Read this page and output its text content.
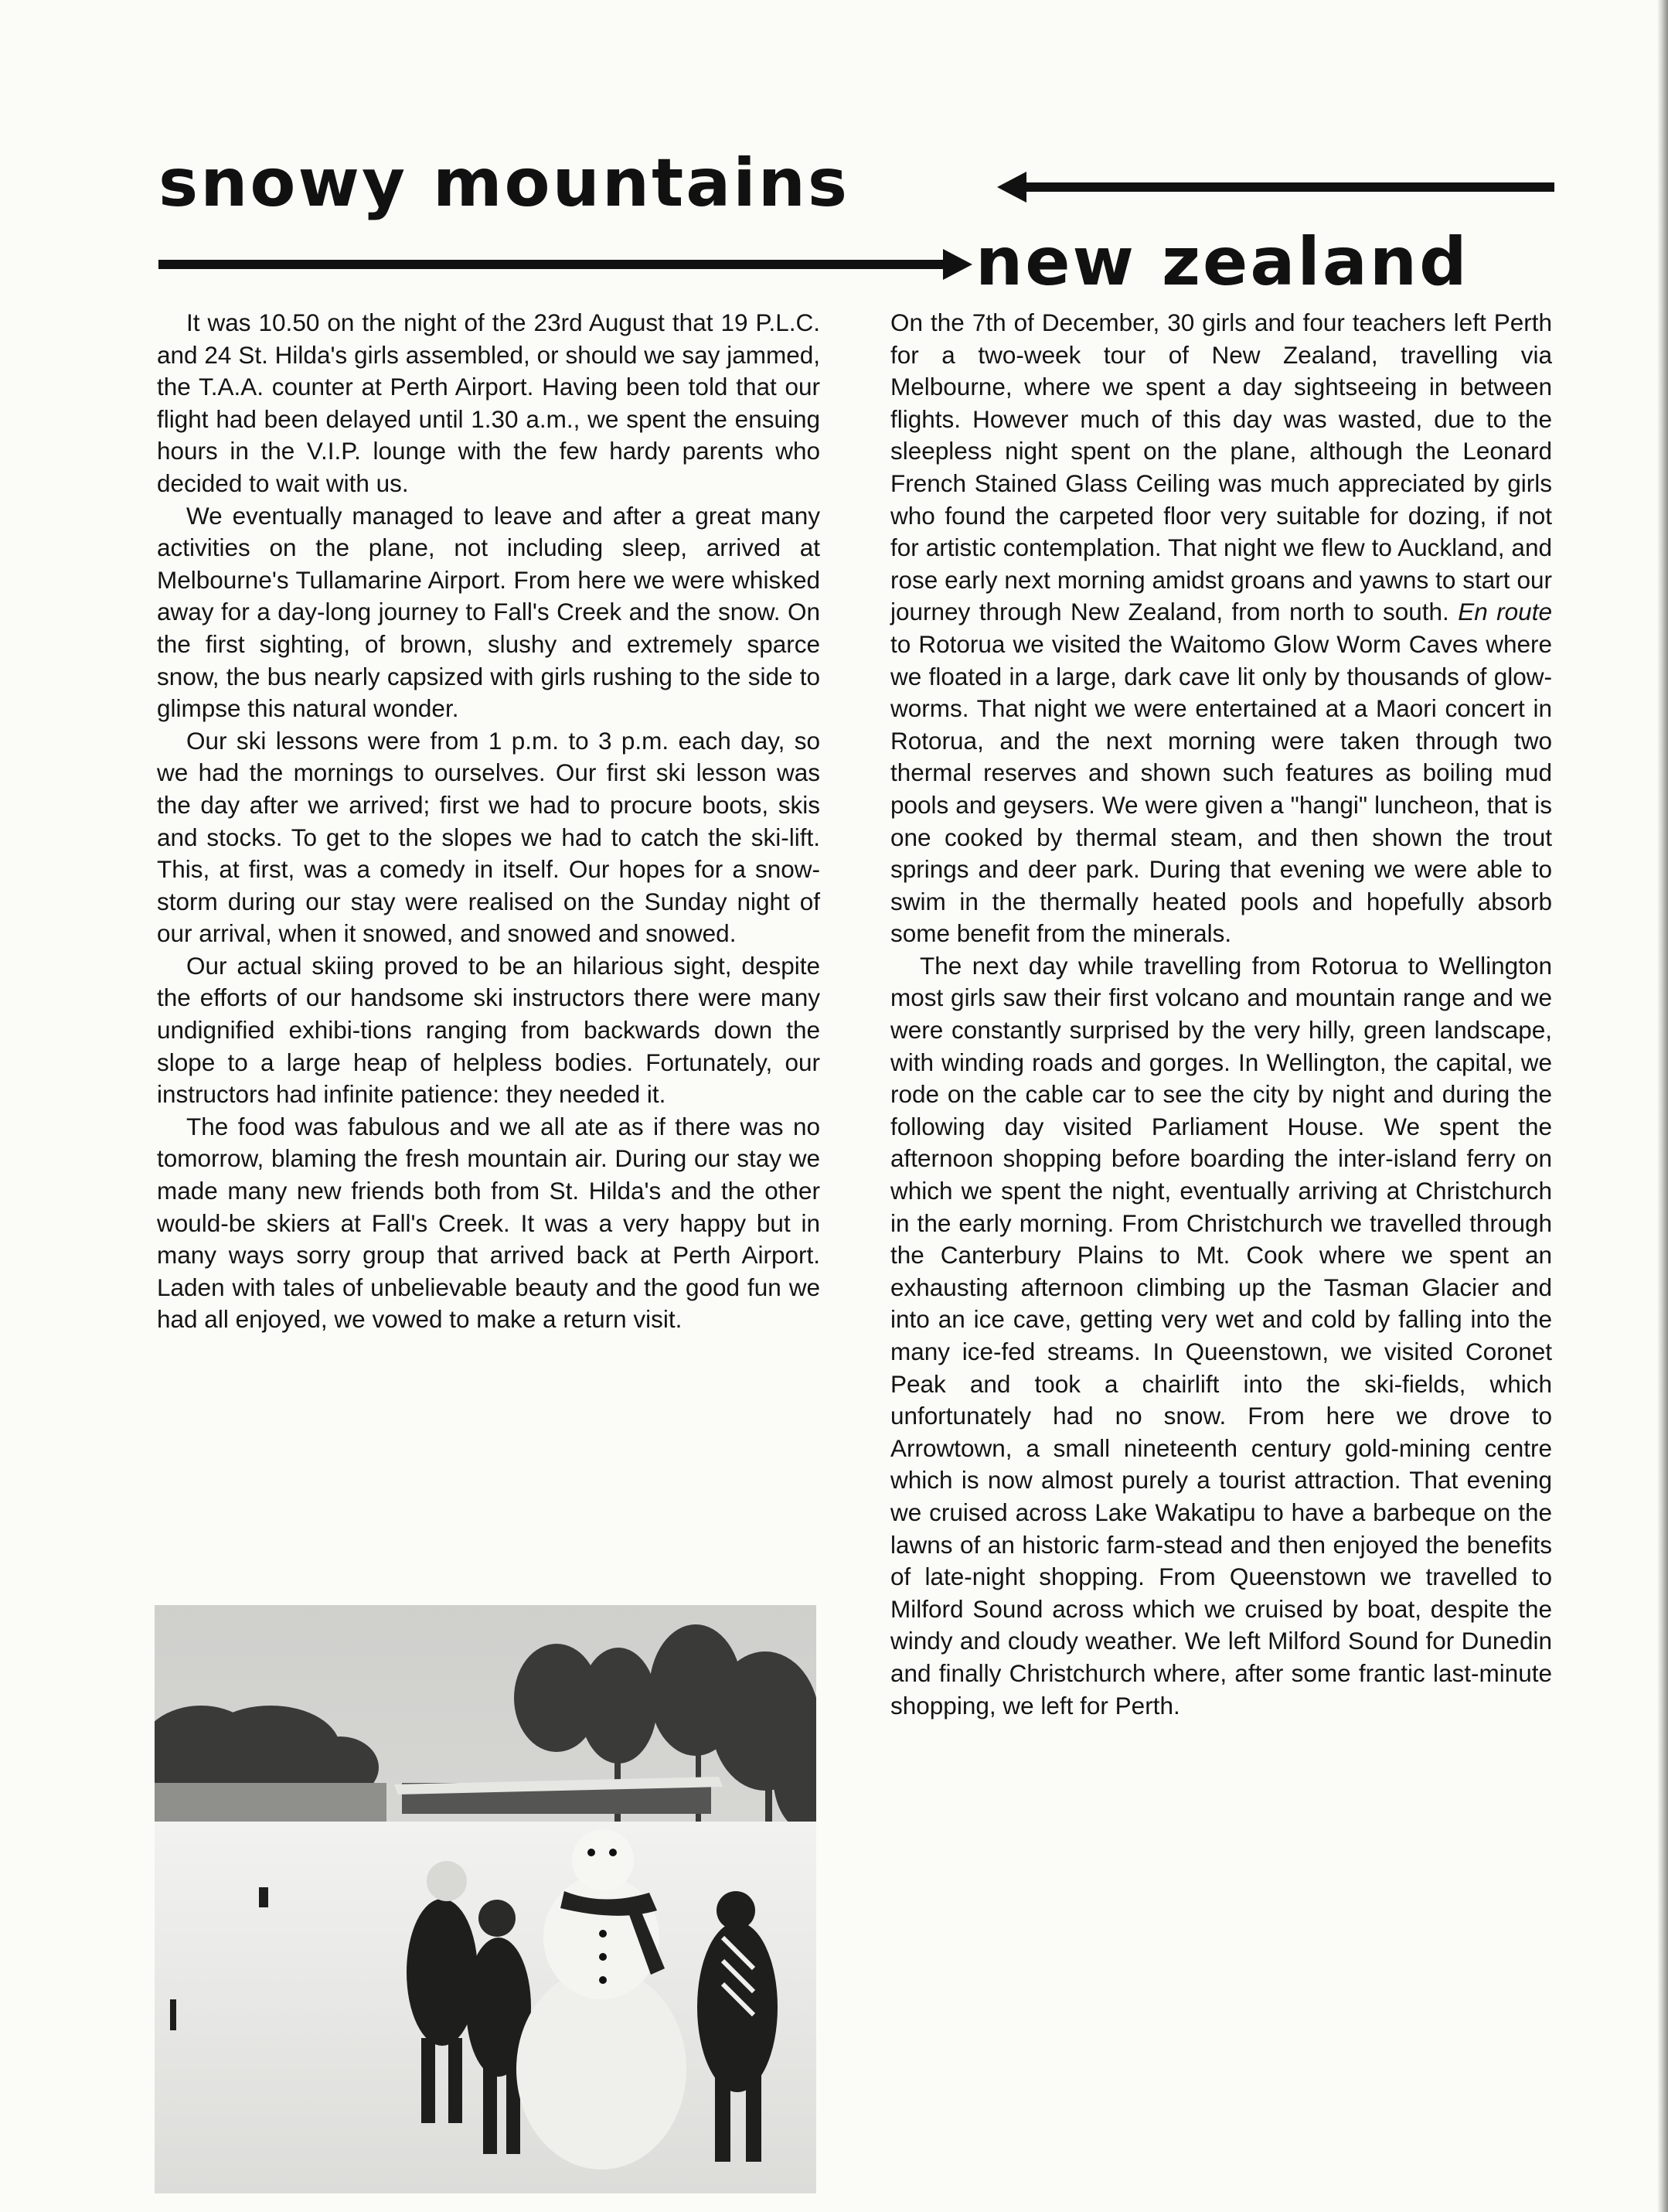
snowy mountains
new zealand

It was 10.50 on the night of the 23rd August that 19 P.L.C. and 24 St. Hilda's girls assembled, or should we say jammed, the T.A.A. counter at Perth Airport. Having been told that our flight had been delayed until 1.30 a.m., we spent the ensuing hours in the V.I.P. lounge with the few hardy parents who decided to wait with us.

We eventually managed to leave and after a great many activities on the plane, not including sleep, arrived at Melbourne's Tullamarine Airport. From here we were whisked away for a day-long journey to Fall's Creek and the snow. On the first sighting, of brown, slushy and extremely sparce snow, the bus nearly capsized with girls rushing to the side to glimpse this natural wonder.

Our ski lessons were from 1 p.m. to 3 p.m. each day, so we had the mornings to ourselves. Our first ski lesson was the day after we arrived; first we had to procure boots, skis and stocks. To get to the slopes we had to catch the ski-lift. This, at first, was a comedy in itself. Our hopes for a snow-storm during our stay were realised on the Sunday night of our arrival, when it snowed, and snowed and snowed.

Our actual skiing proved to be an hilarious sight, despite the efforts of our handsome ski instructors there were many undignified exhibi-tions ranging from backwards down the slope to a large heap of helpless bodies. Fortunately, our instructors had infinite patience: they needed it.

The food was fabulous and we all ate as if there was no tomorrow, blaming the fresh mountain air. During our stay we made many new friends both from St. Hilda's and the other would-be skiers at Fall's Creek. It was a very happy but in many ways sorry group that arrived back at Perth Airport. Laden with tales of unbelievable beauty and the good fun we had all enjoyed, we vowed to make a return visit.

On the 7th of December, 30 girls and four teachers left Perth for a two-week tour of New Zealand, travelling via Melbourne, where we spent a day sightseeing in between flights. However much of this day was wasted, due to the sleepless night spent on the plane, although the Leonard French Stained Glass Ceiling was much appreciated by girls who found the carpeted floor very suitable for dozing, if not for artistic contemplation. That night we flew to Auckland, and rose early next morning amidst groans and yawns to start our journey through New Zealand, from north to south. En route to Rotorua we visited the Waitomo Glow Worm Caves where we floated in a large, dark cave lit only by thousands of glow-worms. That night we were entertained at a Maori concert in Rotorua, and the next morning were taken through two thermal reserves and shown such features as boiling mud pools and geysers. We were given a "hangi" luncheon, that is one cooked by thermal steam, and then shown the trout springs and deer park. During that evening we were able to swim in the thermally heated pools and hopefully absorb some benefit from the minerals.

The next day while travelling from Rotorua to Wellington most girls saw their first volcano and mountain range and we were constantly surprised by the very hilly, green landscape, with winding roads and gorges. In Wellington, the capital, we rode on the cable car to see the city by night and during the following day visited Parliament House. We spent the afternoon shopping before boarding the inter-island ferry on which we spent the night, eventually arriving at Christchurch in the early morning. From Christchurch we travelled through the Canterbury Plains to Mt. Cook where we spent an exhausting afternoon climbing up the Tasman Glacier and into an ice cave, getting very wet and cold by falling into the many ice-fed streams. In Queenstown, we visited Coronet Peak and took a chairlift into the ski-fields, which unfortunately had no snow. From here we drove to Arrowtown, a small nineteenth century gold-mining centre which is now almost purely a tourist attraction. That evening we cruised across Lake Wakatipu to have a barbeque on the lawns of an historic farm-stead and then enjoyed the benefits of late-night shopping. From Queenstown we travelled to Milford Sound across which we cruised by boat, despite the windy and cloudy weather. We left Milford Sound for Dunedin and finally Christchurch where, after some frantic last-minute shopping, we left for Perth.
